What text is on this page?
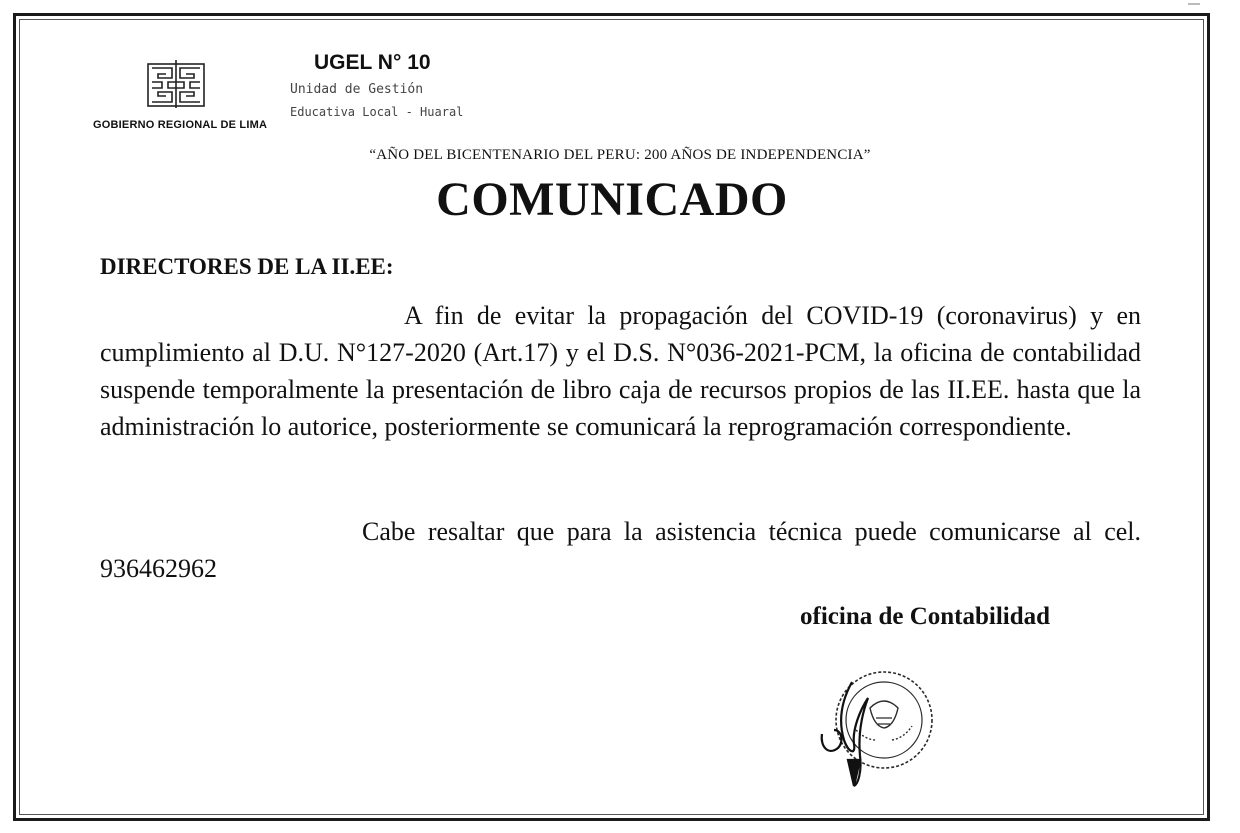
GOBIERNO REGIONAL DE LIMA
UGEL N° 10
Unidad de Gestión
Educativa Local - Huaral
“AÑO DEL BICENTENARIO DEL PERU: 200 AÑOS DE INDEPENDENCIA”
COMUNICADO
DIRECTORES DE LA II.EE:

A fin de evitar la propagación del COVID-19 (coronavirus) y en cumplimiento al D.U. N°127-2020 (Art.17) y el D.S. N°036-2021-PCM, la oficina de contabilidad suspende temporalmente la presentación de libro caja de recursos propios de las II.EE. hasta que la administración lo autorice, posteriormente se comunicará la reprogramación correspondiente.

Cabe resaltar que para la asistencia técnica puede comunicarse al cel. 936462962

oficina de Contabilidad
